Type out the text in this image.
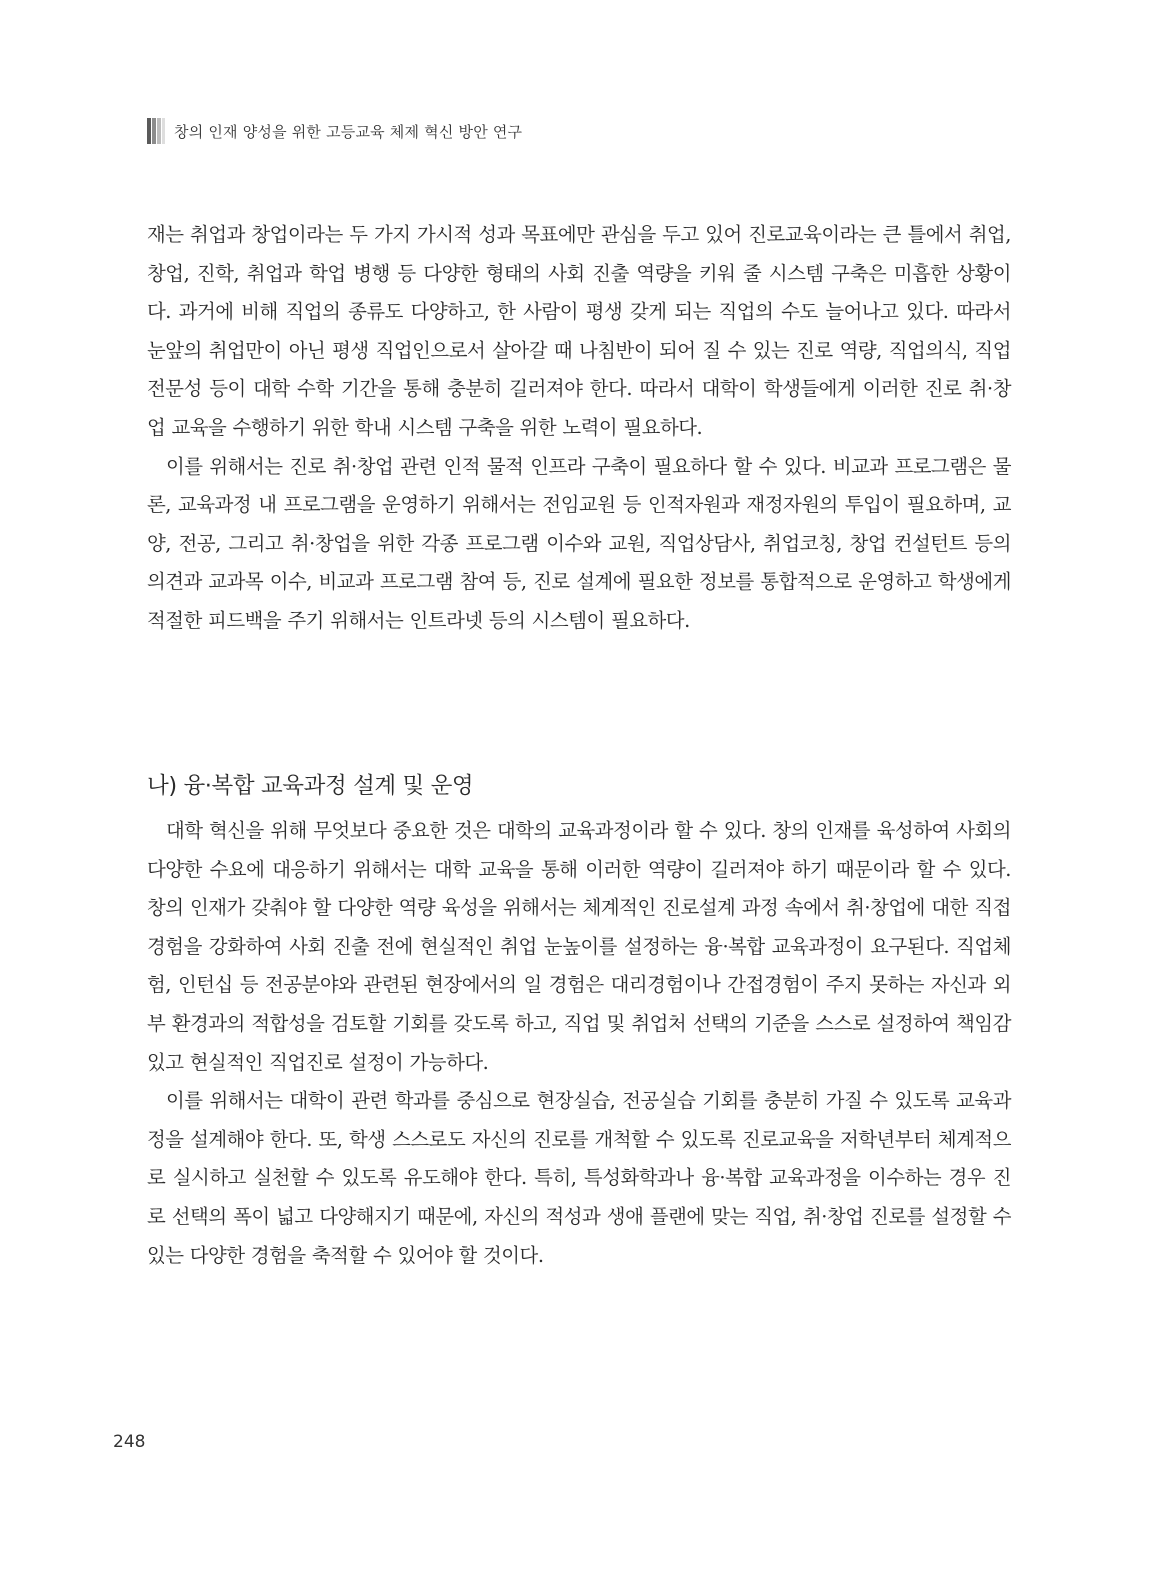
창의 인재 양성을 위한 고등교육 체제 혁신 방안 연구

재는 취업과 창업이라는 두 가지 가시적 성과 목표에만 관심을 두고 있어 진로교육이라는 큰 틀에서 취업, 창업, 진학, 취업과 학업 병행 등 다양한 형태의 사회 진출 역량을 키워 줄 시스템 구축은 미흡한 상황이다. 과거에 비해 직업의 종류도 다양하고, 한 사람이 평생 갖게 되는 직업의 수도 늘어나고 있다. 따라서 눈앞의 취업만이 아닌 평생 직업인으로서 살아갈 때 나침반이 되어 질 수 있는 진로 역량, 직업의식, 직업전문성 등이 대학 수학 기간을 통해 충분히 길러져야 한다. 따라서 대학이 학생들에게 이러한 진로 취·창업 교육을 수행하기 위한 학내 시스템 구축을 위한 노력이 필요하다.

이를 위해서는 진로 취·창업 관련 인적 물적 인프라 구축이 필요하다 할 수 있다. 비교과 프로그램은 물론, 교육과정 내 프로그램을 운영하기 위해서는 전임교원 등 인적자원과 재정자원의 투입이 필요하며, 교양, 전공, 그리고 취·창업을 위한 각종 프로그램 이수와 교원, 직업상담사, 취업코칭, 창업 컨설턴트 등의 의견과 교과목 이수, 비교과 프로그램 참여 등, 진로 설계에 필요한 정보를 통합적으로 운영하고 학생에게 적절한 피드백을 주기 위해서는 인트라넷 등의 시스템이 필요하다.

나) 융·복합 교육과정 설계 및 운영

대학 혁신을 위해 무엇보다 중요한 것은 대학의 교육과정이라 할 수 있다. 창의 인재를 육성하여 사회의 다양한 수요에 대응하기 위해서는 대학 교육을 통해 이러한 역량이 길러져야 하기 때문이라 할 수 있다. 창의 인재가 갖춰야 할 다양한 역량 육성을 위해서는 체계적인 진로설계 과정 속에서 취·창업에 대한 직접 경험을 강화하여 사회 진출 전에 현실적인 취업 눈높이를 설정하는 융·복합 교육과정이 요구된다. 직업체험, 인턴십 등 전공분야와 관련된 현장에서의 일 경험은 대리경험이나 간접경험이 주지 못하는 자신과 외부 환경과의 적합성을 검토할 기회를 갖도록 하고, 직업 및 취업처 선택의 기준을 스스로 설정하여 책임감 있고 현실적인 직업진로 설정이 가능하다.

이를 위해서는 대학이 관련 학과를 중심으로 현장실습, 전공실습 기회를 충분히 가질 수 있도록 교육과정을 설계해야 한다. 또, 학생 스스로도 자신의 진로를 개척할 수 있도록 진로교육을 저학년부터 체계적으로 실시하고 실천할 수 있도록 유도해야 한다. 특히, 특성화학과나 융·복합 교육과정을 이수하는 경우 진로 선택의 폭이 넓고 다양해지기 때문에, 자신의 적성과 생애 플랜에 맞는 직업, 취·창업 진로를 설정할 수 있는 다양한 경험을 축적할 수 있어야 할 것이다.

248
